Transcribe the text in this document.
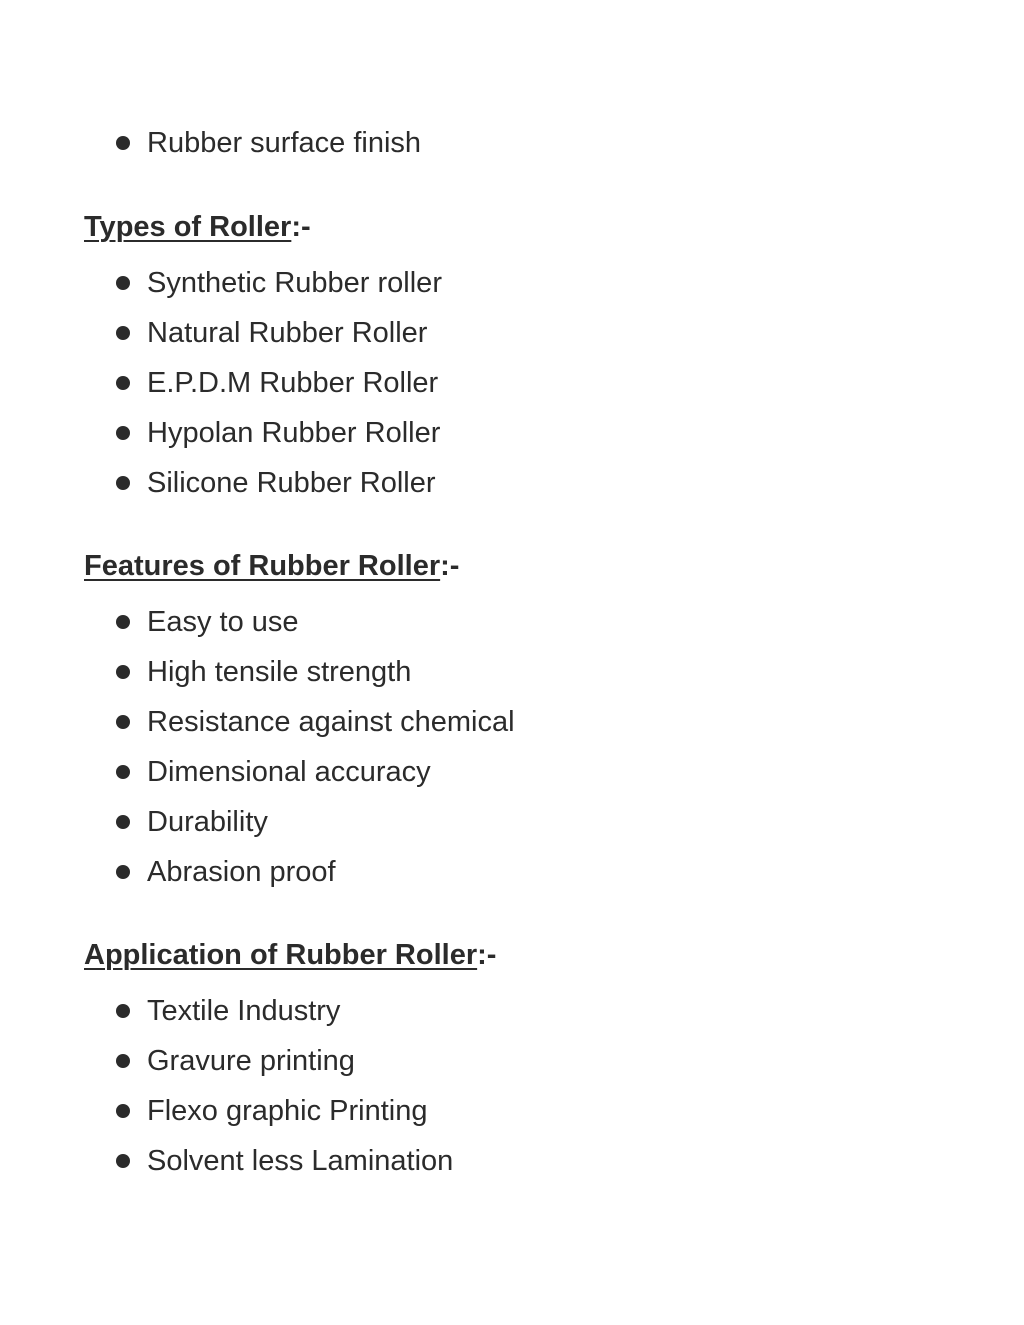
Rubber surface finish
Types of Roller:-
Synthetic Rubber roller
Natural Rubber Roller
E.P.D.M Rubber Roller
Hypolan Rubber Roller
Silicone Rubber Roller
Features of Rubber Roller:-
Easy to use
High tensile strength
Resistance against chemical
Dimensional accuracy
Durability
Abrasion proof
Application of Rubber Roller:-
Textile Industry
Gravure printing
Flexo graphic Printing
Solvent less Lamination
